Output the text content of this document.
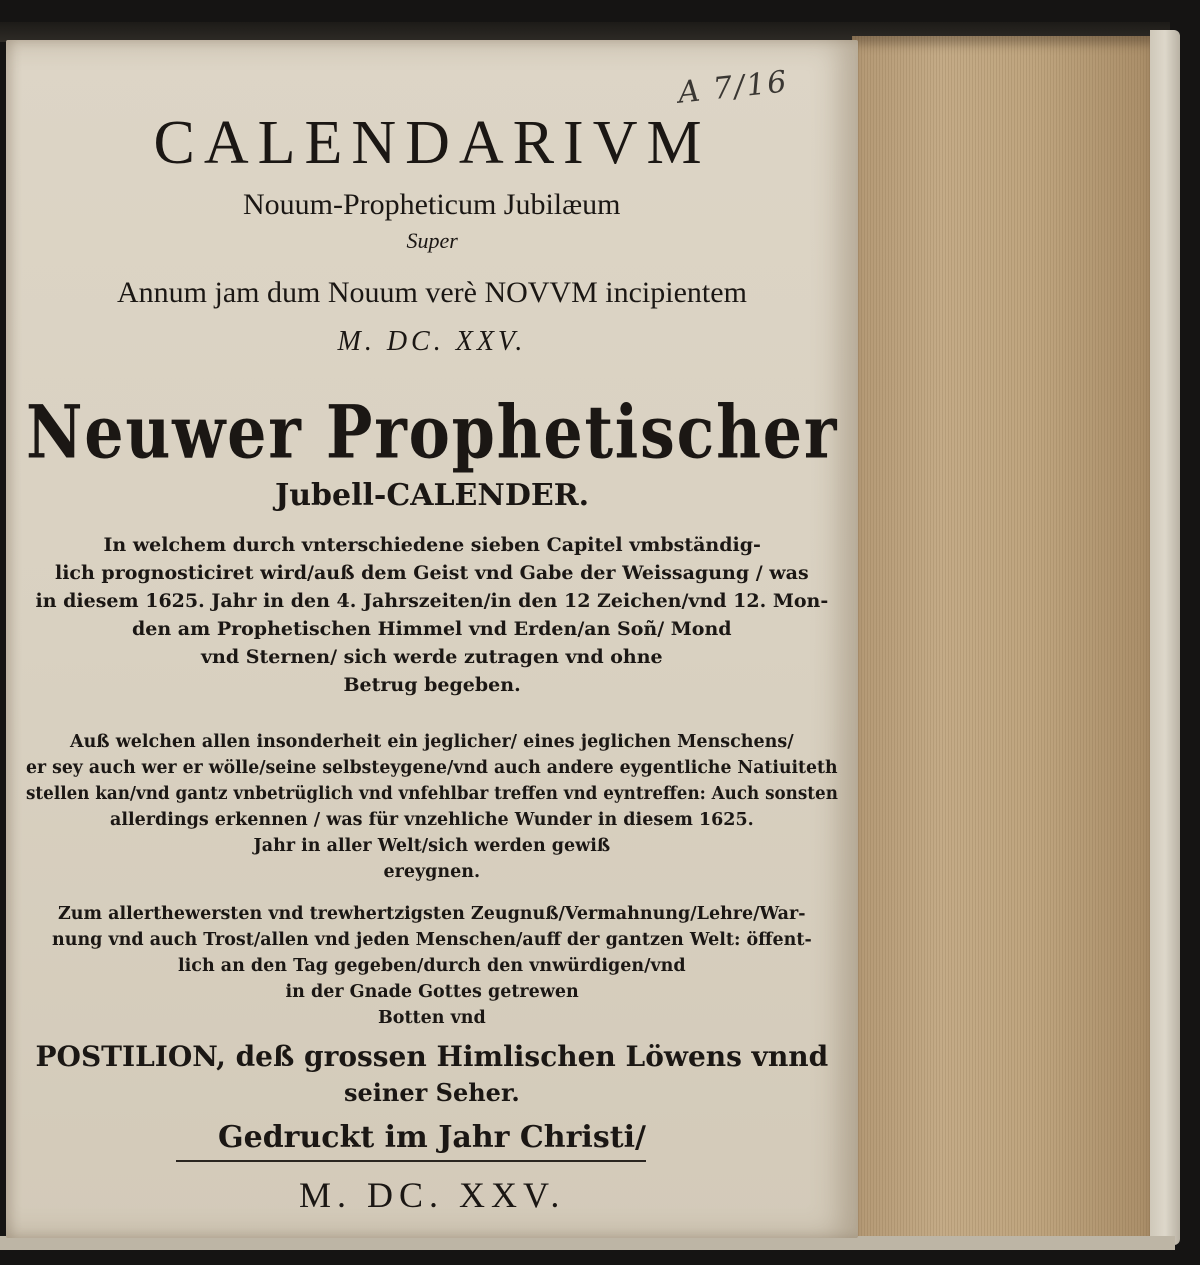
A 7/16
CALENDARIVM
Nouum-Propheticum Jubilæum
Super
Annum jam dum Nouum verè NOVVM incipientem
M. DC. XXV.
Neuwer Prophetischer
Jubell-CALENDER.
In welchem durch vnterschiedene sieben Capitel vmbständig-
lich prognosticiret wird/auß dem Geist vnd Gabe der Weissagung / was
in diesem 1625. Jahr in den 4. Jahrszeiten/in den 12 Zeichen/vnd 12. Mon-
den am Prophetischen Himmel vnd Erden/an Soñ/ Mond
vnd Sternen/ sich werde zutragen vnd ohne
Betrug begeben.
Auß welchen allen insonderheit ein jeglicher/ eines jeglichen Menschens/
er sey auch wer er wölle/seine selbsteygene/vnd auch andere eygentliche Natiuiteth
stellen kan/vnd gantz vnbetrüglich vnd vnfehlbar treffen vnd eyntreffen: Auch sonsten
allerdings erkennen / was für vnzehliche Wunder in diesem 1625.
Jahr in aller Welt/sich werden gewiß
ereygnen.
Zum allerthewersten vnd trewhertzigsten Zeugnuß/Vermahnung/Lehre/War-
nung vnd auch Trost/allen vnd jeden Menschen/auff der gantzen Welt: öffent-
lich an den Tag gegeben/durch den vnwürdigen/vnd
in der Gnade Gottes getrewen
Botten vnd
POSTILION, deß grossen Himlischen Löwens vnnd
seiner Seher.
Gedruckt im Jahr Christi/
M. DC. XXV.
